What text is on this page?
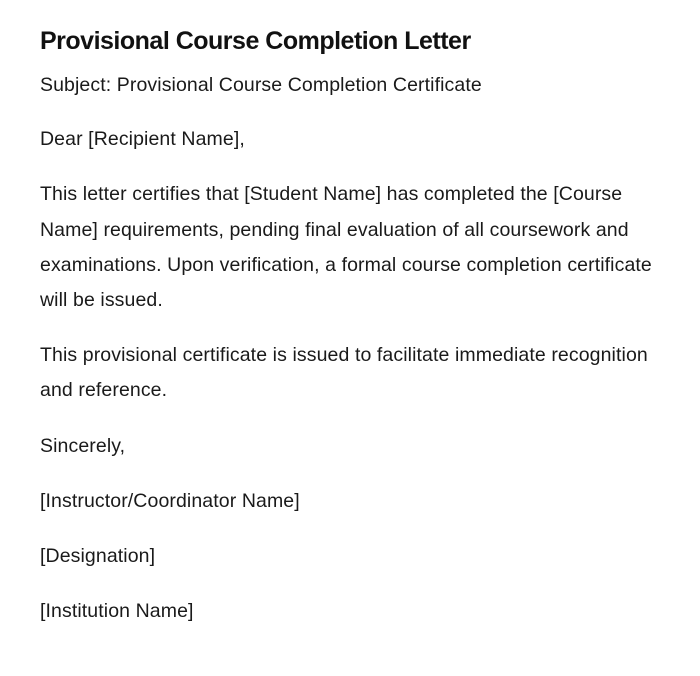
Provisional Course Completion Letter

Subject: Provisional Course Completion Certificate

Dear [Recipient Name],

This letter certifies that [Student Name] has completed the [Course Name] requirements, pending final evaluation of all coursework and examinations. Upon verification, a formal course completion certificate will be issued.

This provisional certificate is issued to facilitate immediate recognition and reference.

Sincerely,

[Instructor/Coordinator Name]

[Designation]

[Institution Name]
